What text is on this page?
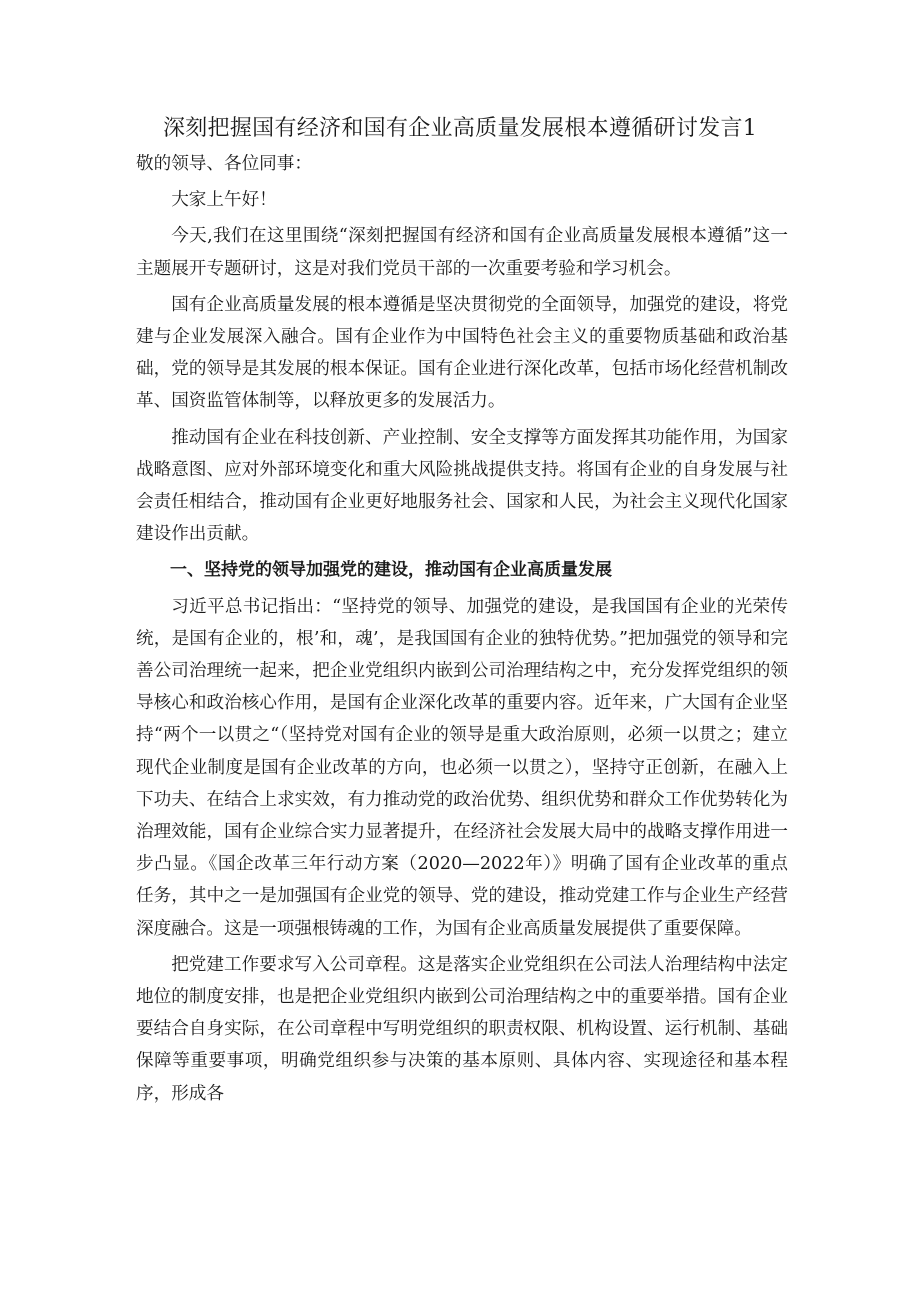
深刻把握国有经济和国有企业高质量发展根本遵循研讨发言1

敬的领导、各位同事：

大家上午好！

今天,我们在这里围绕“深刻把握国有经济和国有企业高质量发展根本遵循”这一主题展开专题研讨，这是对我们党员干部的一次重要考验和学习机会。

国有企业高质量发展的根本遵循是坚决贯彻党的全面领导，加强党的建设，将党建与企业发展深入融合。国有企业作为中国特色社会主义的重要物质基础和政治基础，党的领导是其发展的根本保证。国有企业进行深化改革，包括市场化经营机制改革、国资监管体制等，以释放更多的发展活力。

推动国有企业在科技创新、产业控制、安全支撑等方面发挥其功能作用，为国家战略意图、应对外部环境变化和重大风险挑战提供支持。将国有企业的自身发展与社会责任相结合，推动国有企业更好地服务社会、国家和人民，为社会主义现代化国家建设作出贡献。

一、坚持党的领导加强党的建设，推动国有企业高质量发展

习近平总书记指出：“坚持党的领导、加强党的建设，是我国国有企业的光荣传统，是国有企业的，根’和，魂’，是我国国有企业的独特优势。”把加强党的领导和完善公司治理统一起来，把企业党组织内嵌到公司治理结构之中，充分发挥党组织的领导核心和政治核心作用，是国有企业深化改革的重要内容。近年来，广大国有企业坚持“两个一以贯之“（坚持党对国有企业的领导是重大政治原则，必须一以贯之；建立现代企业制度是国有企业改革的方向，也必须一以贯之），坚持守正创新，在融入上下功夫、在结合上求实效，有力推动党的政治优势、组织优势和群众工作优势转化为治理效能，国有企业综合实力显著提升，在经济社会发展大局中的战略支撑作用进一步凸显。《国企改革三年行动方案（2020—2022年）》明确了国有企业改革的重点任务，其中之一是加强国有企业党的领导、党的建设，推动党建工作与企业生产经营深度融合。这是一项强根铸魂的工作，为国有企业高质量发展提供了重要保障。

把党建工作要求写入公司章程。这是落实企业党组织在公司法人治理结构中法定地位的制度安排，也是把企业党组织内嵌到公司治理结构之中的重要举措。国有企业要结合自身实际，在公司章程中写明党组织的职责权限、机构设置、运行机制、基础保障等重要事项，明确党组织参与决策的基本原则、具体内容、实现途径和基本程序，形成各
